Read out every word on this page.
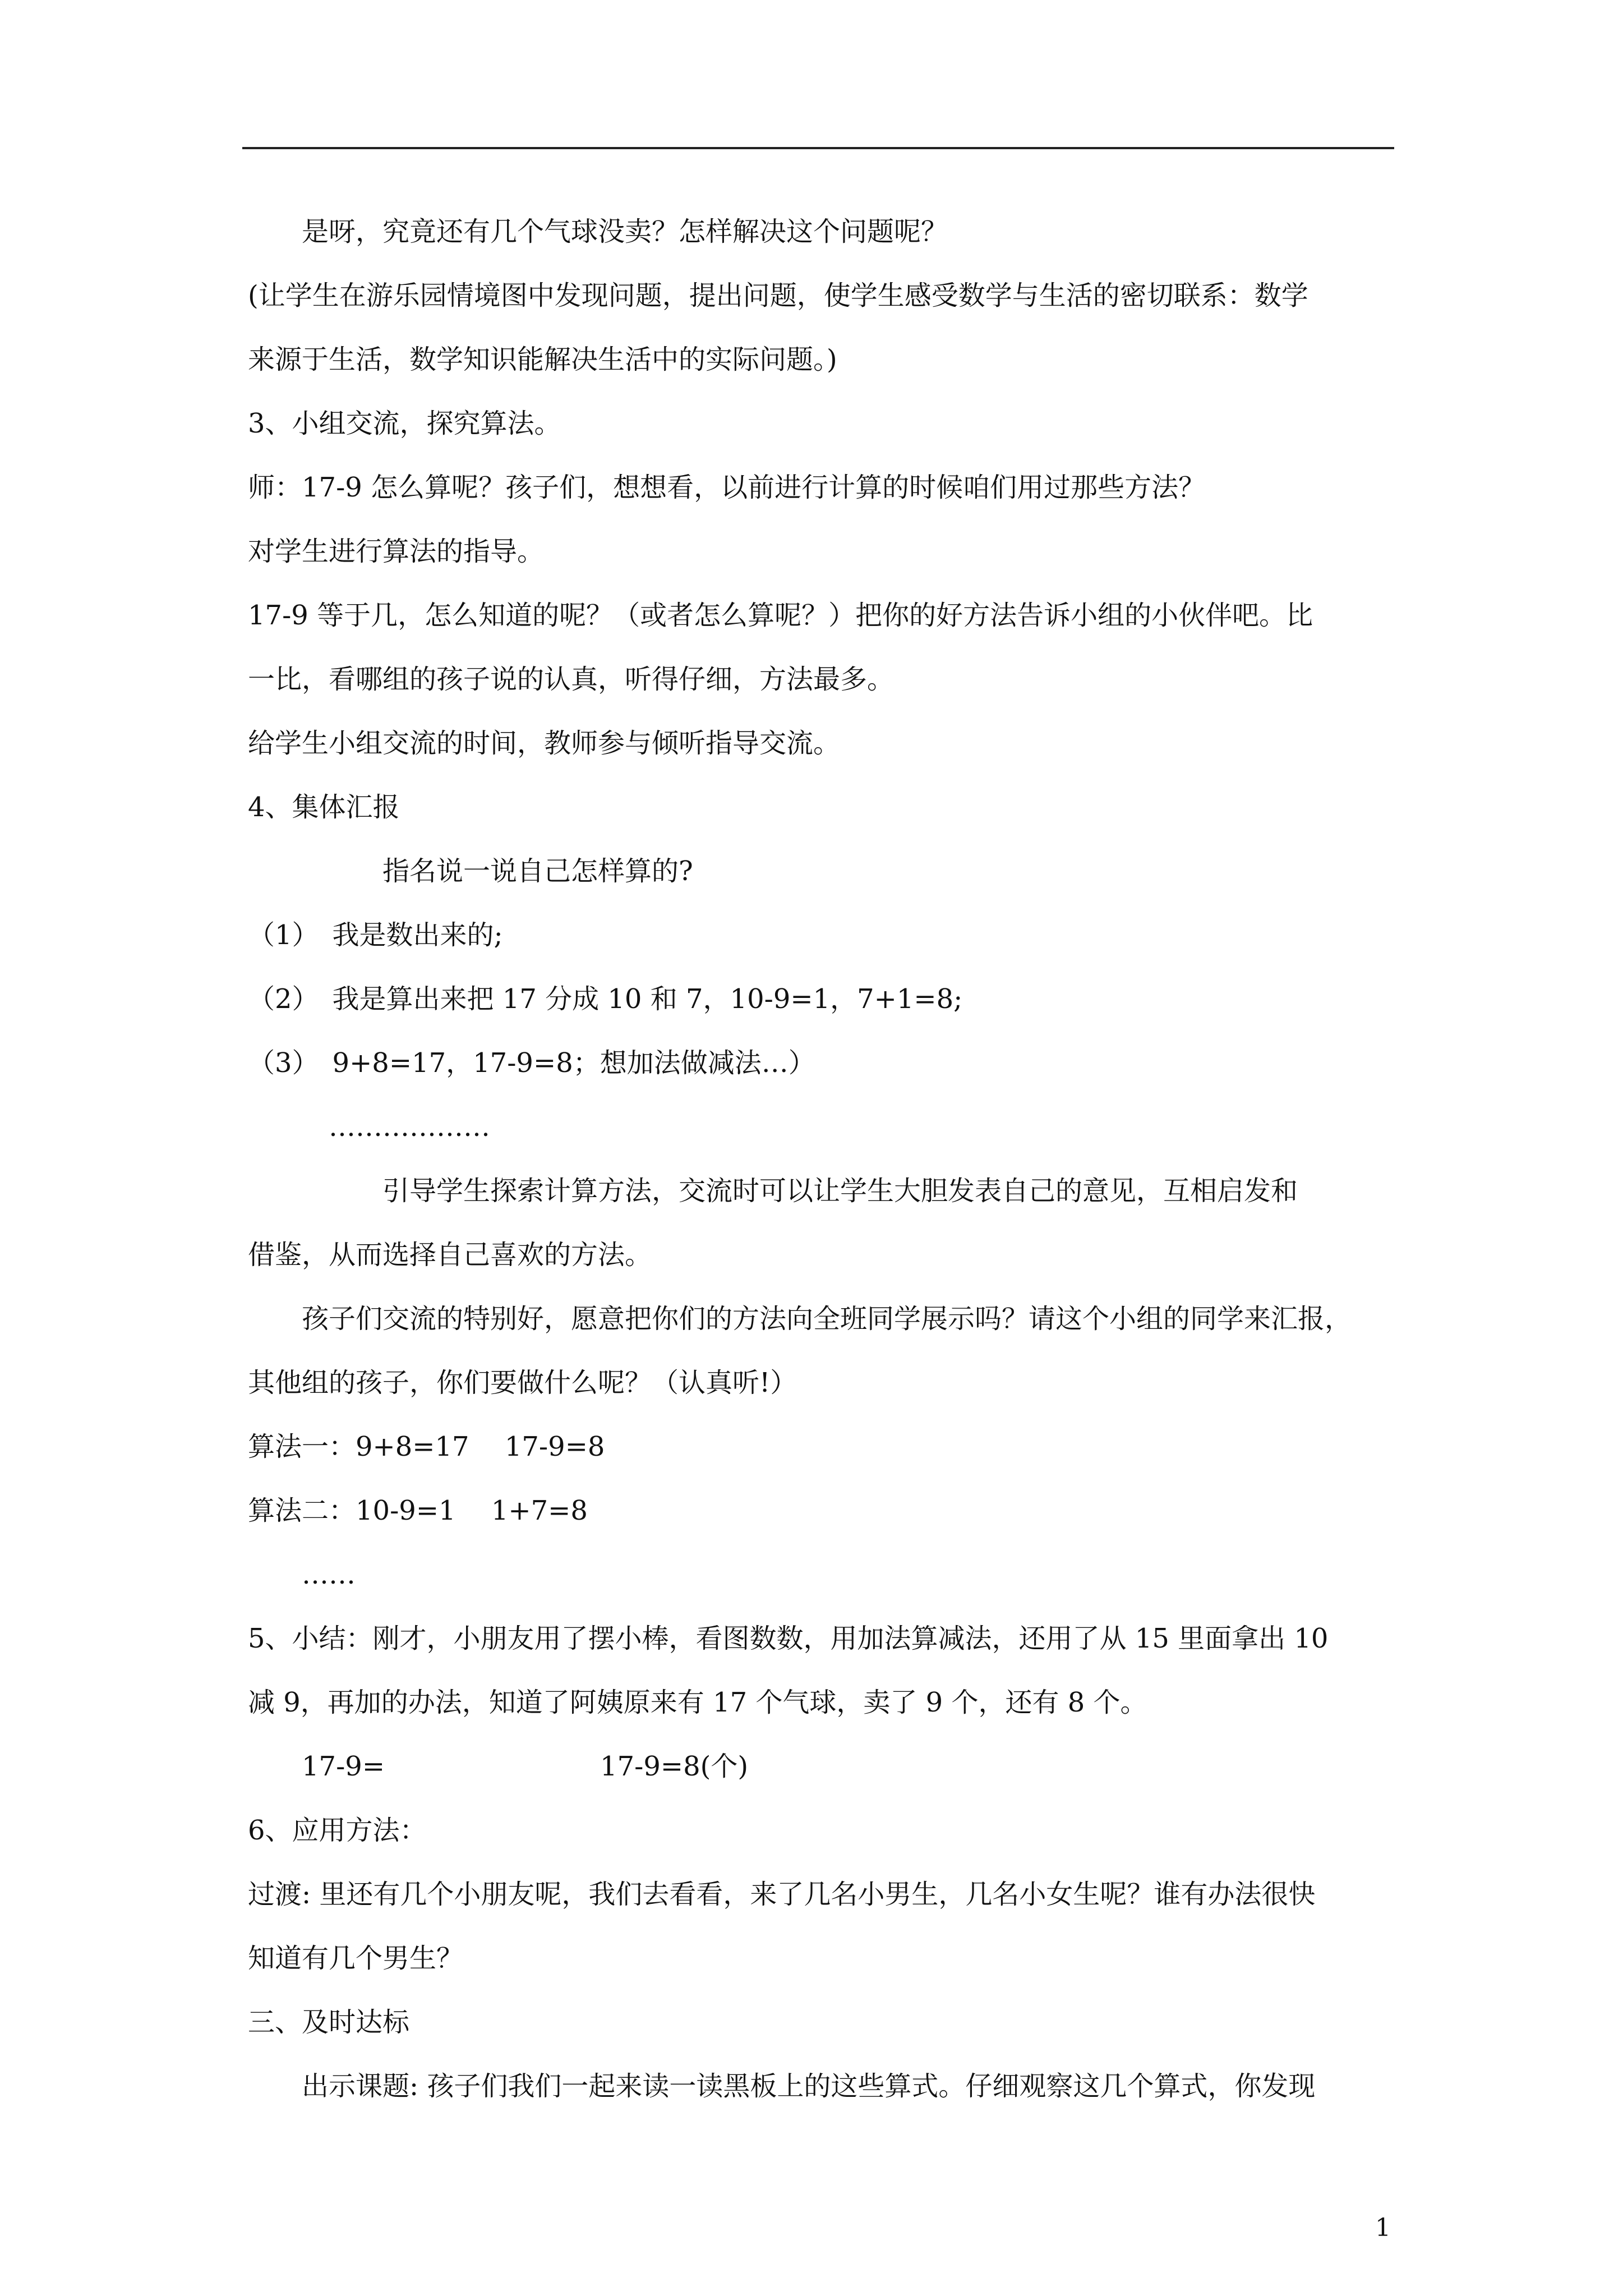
　　是呀，究竟还有几个气球没卖？怎样解决这个问题呢？

(让学生在游乐园情境图中发现问题，提出问题，使学生感受数学与生活的密切联系：数学

来源于生活，数学知识能解决生活中的实际问题。)

3、小组交流，探究算法。

师：17-9 怎么算呢？孩子们，想想看，以前进行计算的时候咱们用过那些方法？

对学生进行算法的指导。

17-9 等于几，怎么知道的呢？（或者怎么算呢？）把你的好方法告诉小组的小伙伴吧。比

一比，看哪组的孩子说的认真，听得仔细，方法最多。

给学生小组交流的时间，教师参与倾听指导交流。

4、集体汇报

　　　　　指名说一说自己怎样算的?

（1）　我是数出来的;

（2）　我是算出来把 17 分成 10 和 7，10-9=1，7+1=8;

（3）　9+8=17，17-9=8；想加法做减法…）

　　　………………

　　　　　引导学生探索计算方法，交流时可以让学生大胆发表自己的意见，互相启发和

借鉴，从而选择自己喜欢的方法。

　　孩子们交流的特别好，愿意把你们的方法向全班同学展示吗？请这个小组的同学来汇报，

其他组的孩子，你们要做什么呢？（认真听!）

算法一：9+8=17　 17-9=8

算法二：10-9=1　 1+7=8

　　……

5、小结：刚才，小朋友用了摆小棒，看图数数，用加法算减法，还用了从 15 里面拿出 10

减 9，再加的办法，知道了阿姨原来有 17 个气球，卖了 9 个，还有 8 个。

　　17-9=　　　　　　　　17-9=8(个)

6、应用方法：

过渡: 里还有几个小朋友呢，我们去看看，来了几名小男生，几名小女生呢？谁有办法很快

知道有几个男生？

三、及时达标

　　出示课题: 孩子们我们一起来读一读黑板上的这些算式。仔细观察这几个算式，你发现

1
